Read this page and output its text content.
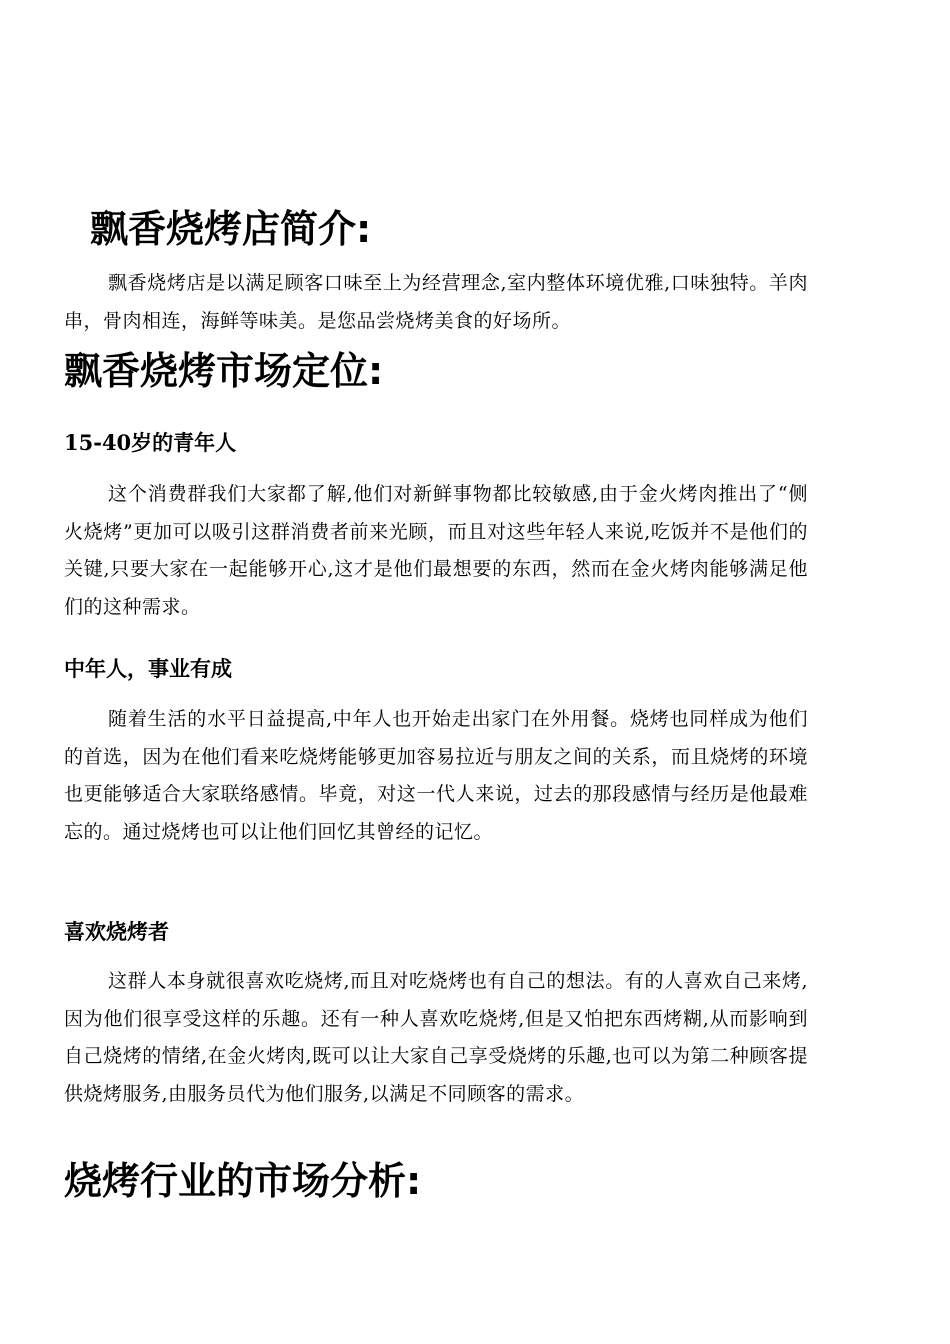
飘香烧烤店简介:

飘香烧烤店是以满足顾客口味至上为经营理念,室内整体环境优雅,口味独特。羊肉串，骨肉相连，海鲜等味美。是您品尝烧烤美食的好场所。

飘香烧烤市场定位:
15-40岁的青年人

这个消费群我们大家都了解,他们对新鲜事物都比较敏感,由于金火烤肉推出了“侧火烧烤”更加可以吸引这群消费者前来光顾，而且对这些年轻人来说,吃饭并不是他们的关键,只要大家在一起能够开心,这才是他们最想要的东西，然而在金火烤肉能够满足他们的这种需求。

中年人，事业有成

随着生活的水平日益提高,中年人也开始走出家门在外用餐。烧烤也同样成为他们的首选，因为在他们看来吃烧烤能够更加容易拉近与朋友之间的关系，而且烧烤的环境也更能够适合大家联络感情。毕竟，对这一代人来说，过去的那段感情与经历是他最难忘的。通过烧烤也可以让他们回忆其曾经的记忆。

喜欢烧烤者

这群人本身就很喜欢吃烧烤,而且对吃烧烤也有自己的想法。有的人喜欢自己来烤,因为他们很享受这样的乐趣。还有一种人喜欢吃烧烤,但是又怕把东西烤糊,从而影响到自己烧烤的情绪,在金火烤肉,既可以让大家自己享受烧烤的乐趣,也可以为第二种顾客提供烧烤服务,由服务员代为他们服务,以满足不同顾客的需求。

烧烤行业的市场分析:
